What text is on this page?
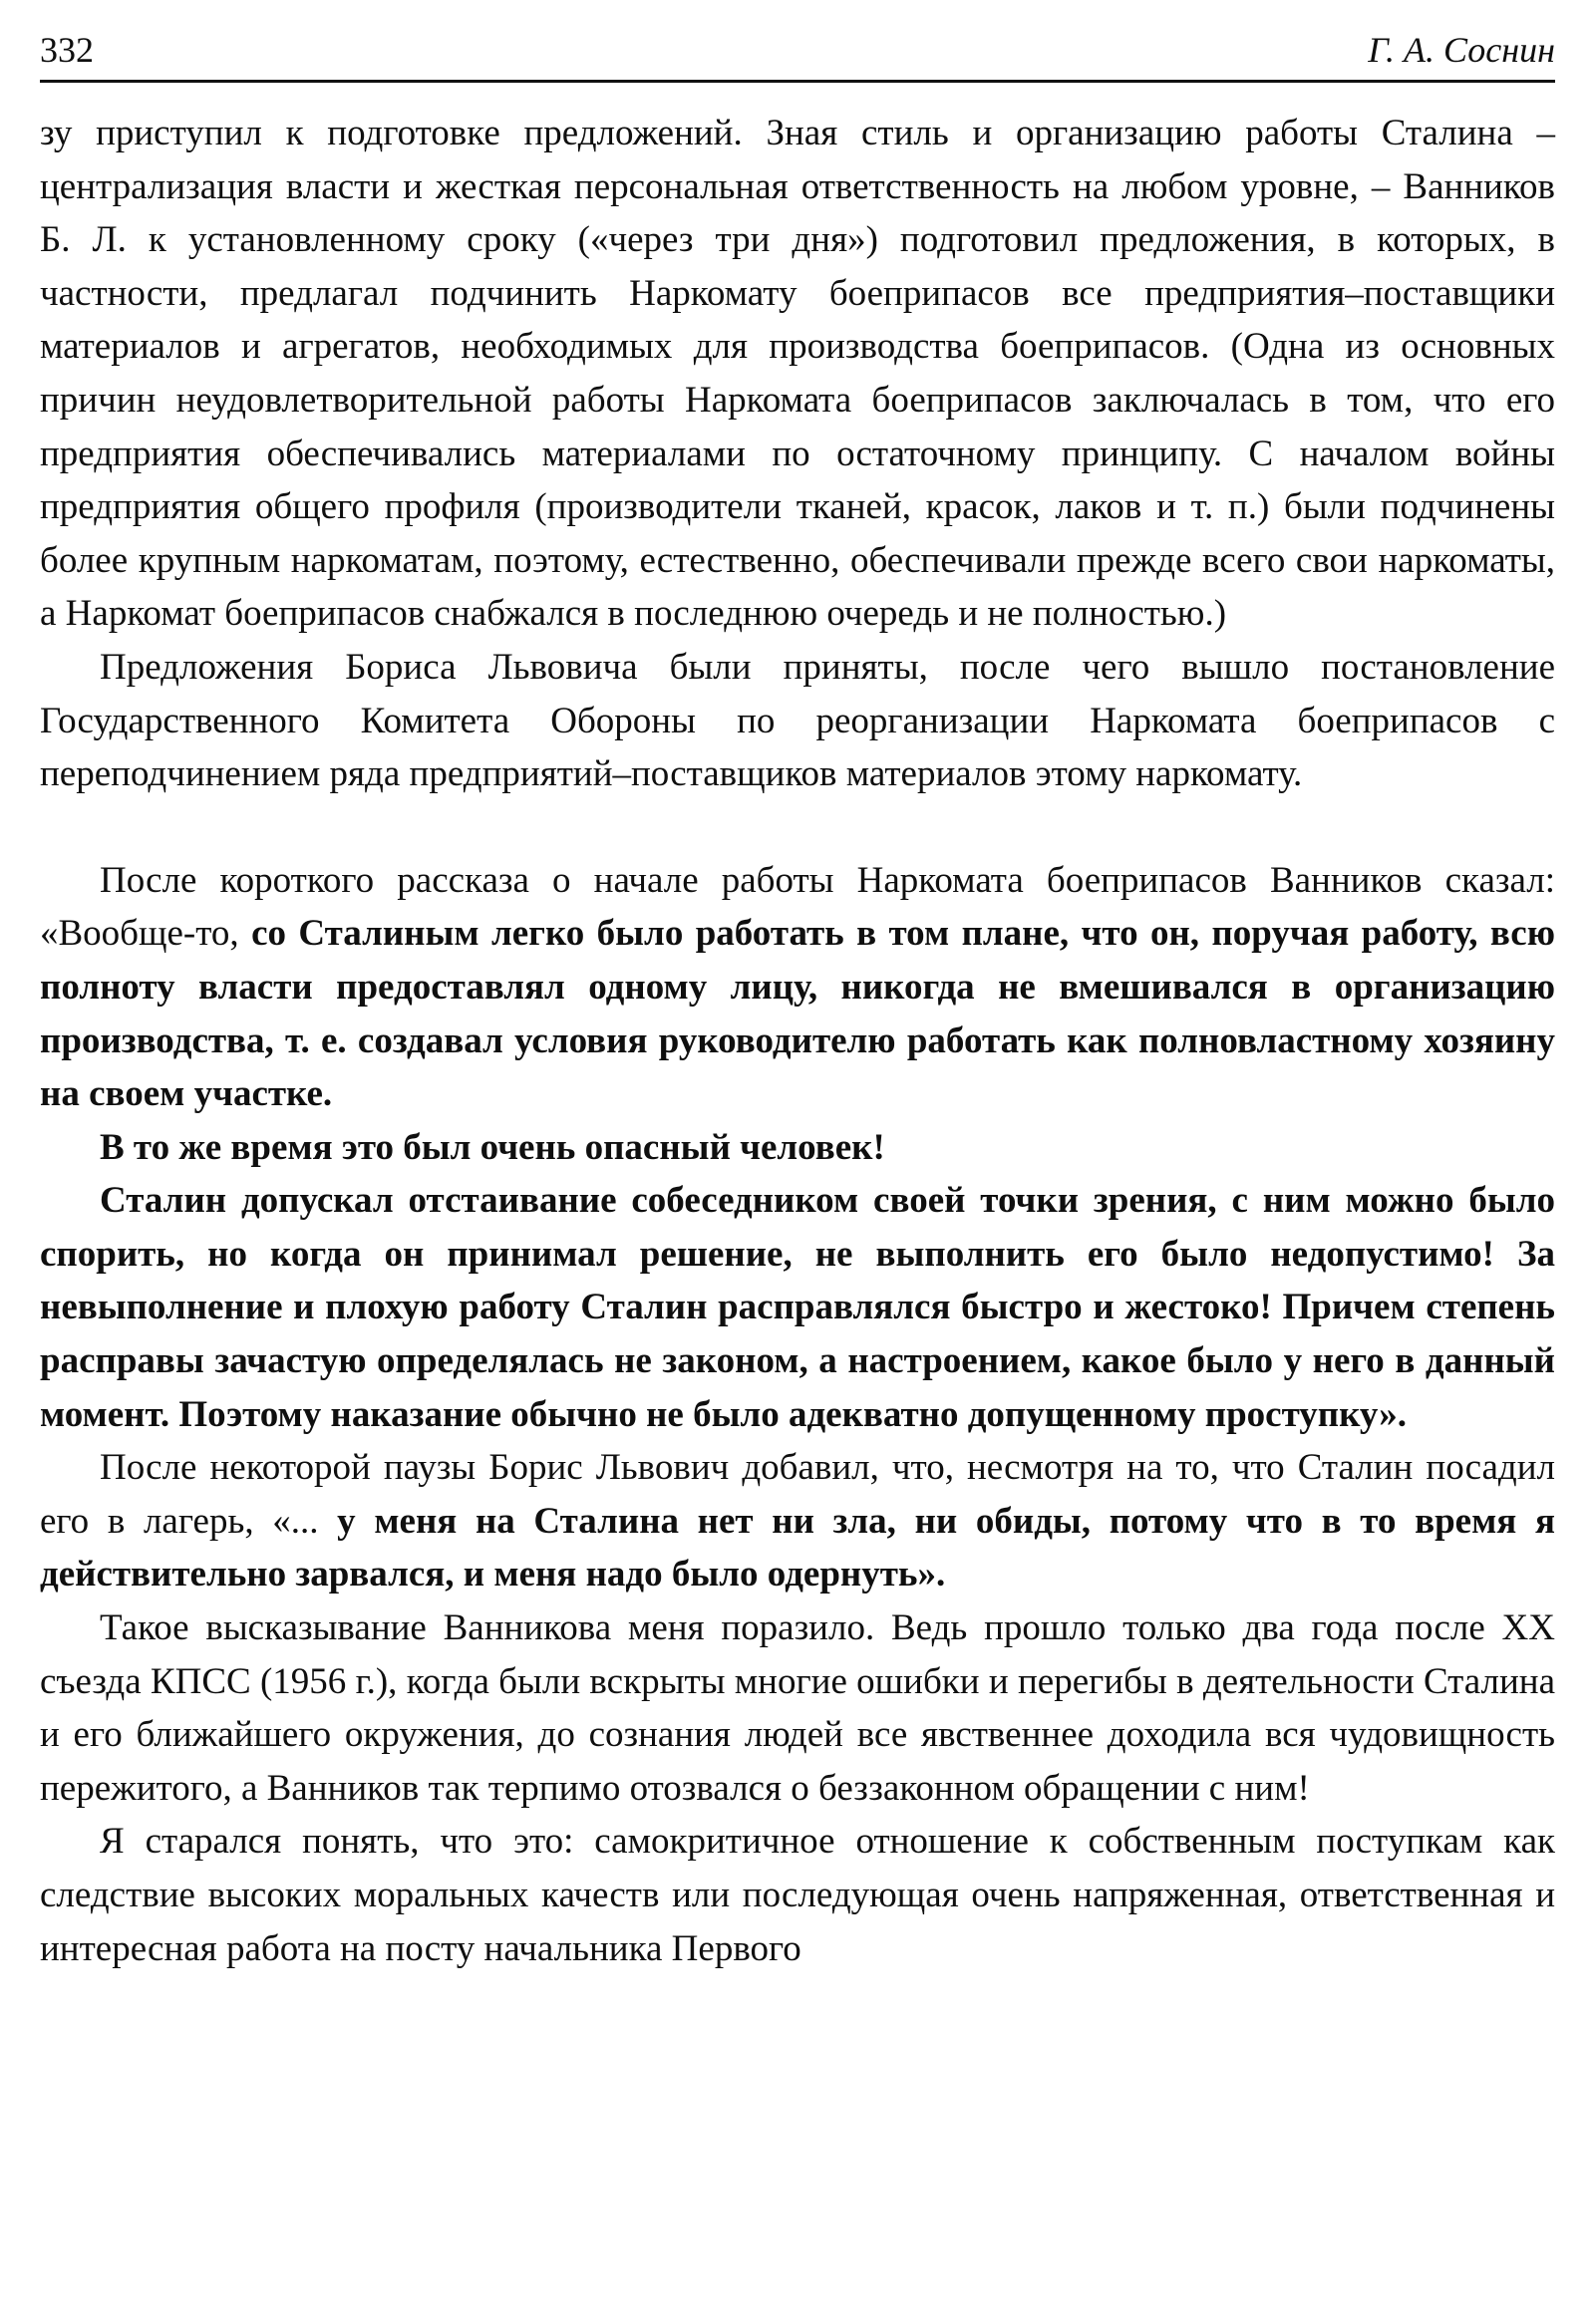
332	Г. А. Соснин

зу приступил к подготовке предложений. Зная стиль и организацию работы Сталина – централизация власти и жесткая персональная ответственность на любом уровне, – Ванников Б. Л. к установленному сроку («через три дня») подготовил предложения, в которых, в частности, предлагал подчинить Наркомату боеприпасов все предприятия–поставщики материалов и агрегатов, необходимых для производства боеприпасов. (Одна из основных причин неудовлетворительной работы Наркомата боеприпасов заключалась в том, что его предприятия обеспечивались материалами по остаточному принципу. С началом войны предприятия общего профиля (производители тканей, красок, лаков и т. п.) были подчинены более крупным наркоматам, поэтому, естественно, обеспечивали прежде всего свои наркоматы, а Наркомат боеприпасов снабжался в последнюю очередь и не полностью.)

Предложения Бориса Львовича были приняты, после чего вышло постановление Государственного Комитета Обороны по реорганизации Наркомата боеприпасов с переподчинением ряда предприятий–поставщиков материалов этому наркомату.

После короткого рассказа о начале работы Наркомата боеприпасов Ванников сказал: «Вообще-то, со Сталиным легко было работать в том плане, что он, поручая работу, всю полноту власти предоставлял одному лицу, никогда не вмешивался в организацию производства, т. е. создавал условия руководителю работать как полновластному хозяину на своем участке.

В то же время это был очень опасный человек!

Сталин допускал отстаивание собеседником своей точки зрения, с ним можно было спорить, но когда он принимал решение, не выполнить его было недопустимо! За невыполнение и плохую работу Сталин расправлялся быстро и жестоко! Причем степень расправы зачастую определялась не законом, а настроением, какое было у него в данный момент. Поэтому наказание обычно не было адекватно допущенному проступку».

После некоторой паузы Борис Львович добавил, что, несмотря на то, что Сталин посадил его в лагерь, «... у меня на Сталина нет ни зла, ни обиды, потому что в то время я действительно зарвался, и меня надо было одернуть».

Такое высказывание Ванникова меня поразило. Ведь прошло только два года после XX съезда КПСС (1956 г.), когда были вскрыты многие ошибки и перегибы в деятельности Сталина и его ближайшего окружения, до сознания людей все явственнее доходила вся чудовищность пережитого, а Ванников так терпимо отозвался о беззаконном обращении с ним!

Я старался понять, что это: самокритичное отношение к собственным поступкам как следствие высоких моральных качеств или последующая очень напряженная, ответственная и интересная работа на посту начальника Первого
